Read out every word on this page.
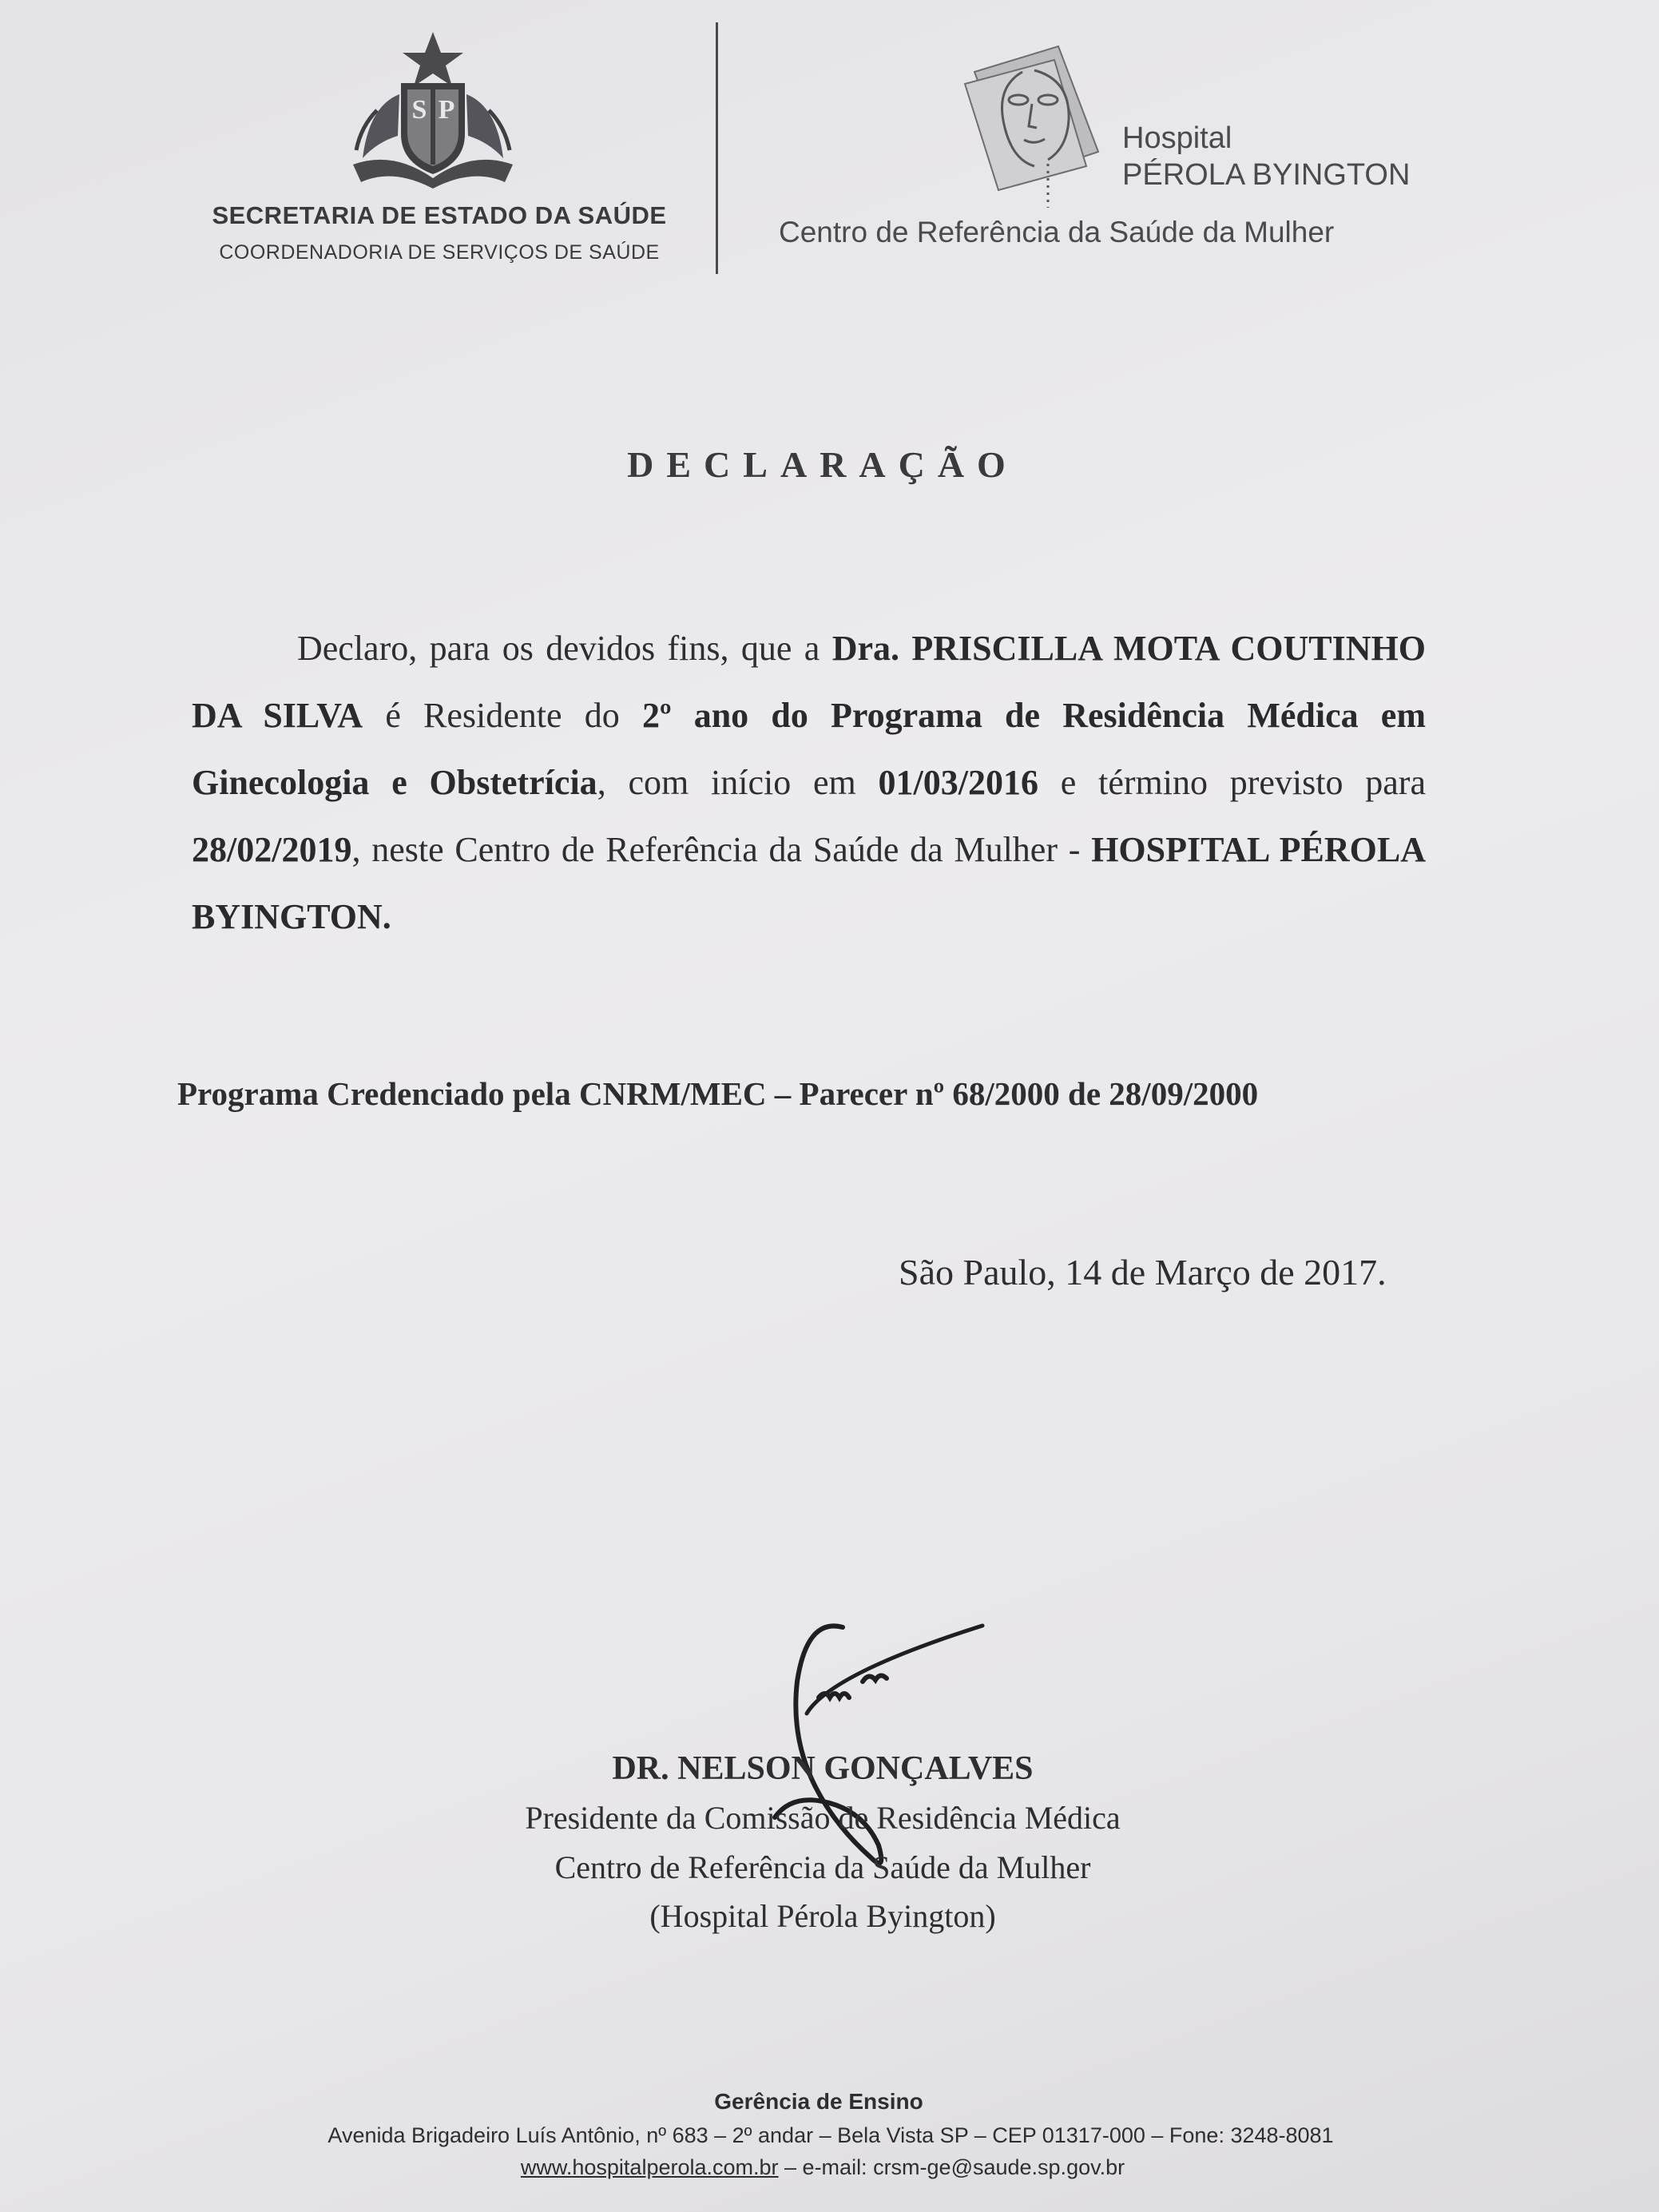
S P
SECRETARIA DE ESTADO DA SAÚDE
COORDENADORIA DE SERVIÇOS DE SAÚDE
Hospital
PÉROLA BYINGTON
Centro de Referência da Saúde da Mulher
DECLARAÇÃO
Declaro, para os devidos fins, que a Dra. PRISCILLA MOTA COUTINHO DA SILVA é Residente do 2º ano do Programa de Residência Médica em Ginecologia e Obstetrícia, com início em 01/03/2016 e término previsto para 28/02/2019, neste Centro de Referência da Saúde da Mulher - HOSPITAL PÉROLA BYINGTON.
Programa Credenciado pela CNRM/MEC – Parecer nº 68/2000 de 28/09/2000
São Paulo, 14 de Março de 2017.
DR. NELSON GONÇALVES
Presidente da Comissão de Residência Médica
Centro de Referência da Saúde da Mulher
(Hospital Pérola Byington)
Gerência de Ensino
Avenida Brigadeiro Luís Antônio, nº 683 – 2º andar – Bela Vista SP – CEP 01317-000 – Fone: 3248-8081
www.hospitalperola.com.br – e-mail: crsm-ge@saude.sp.gov.br
